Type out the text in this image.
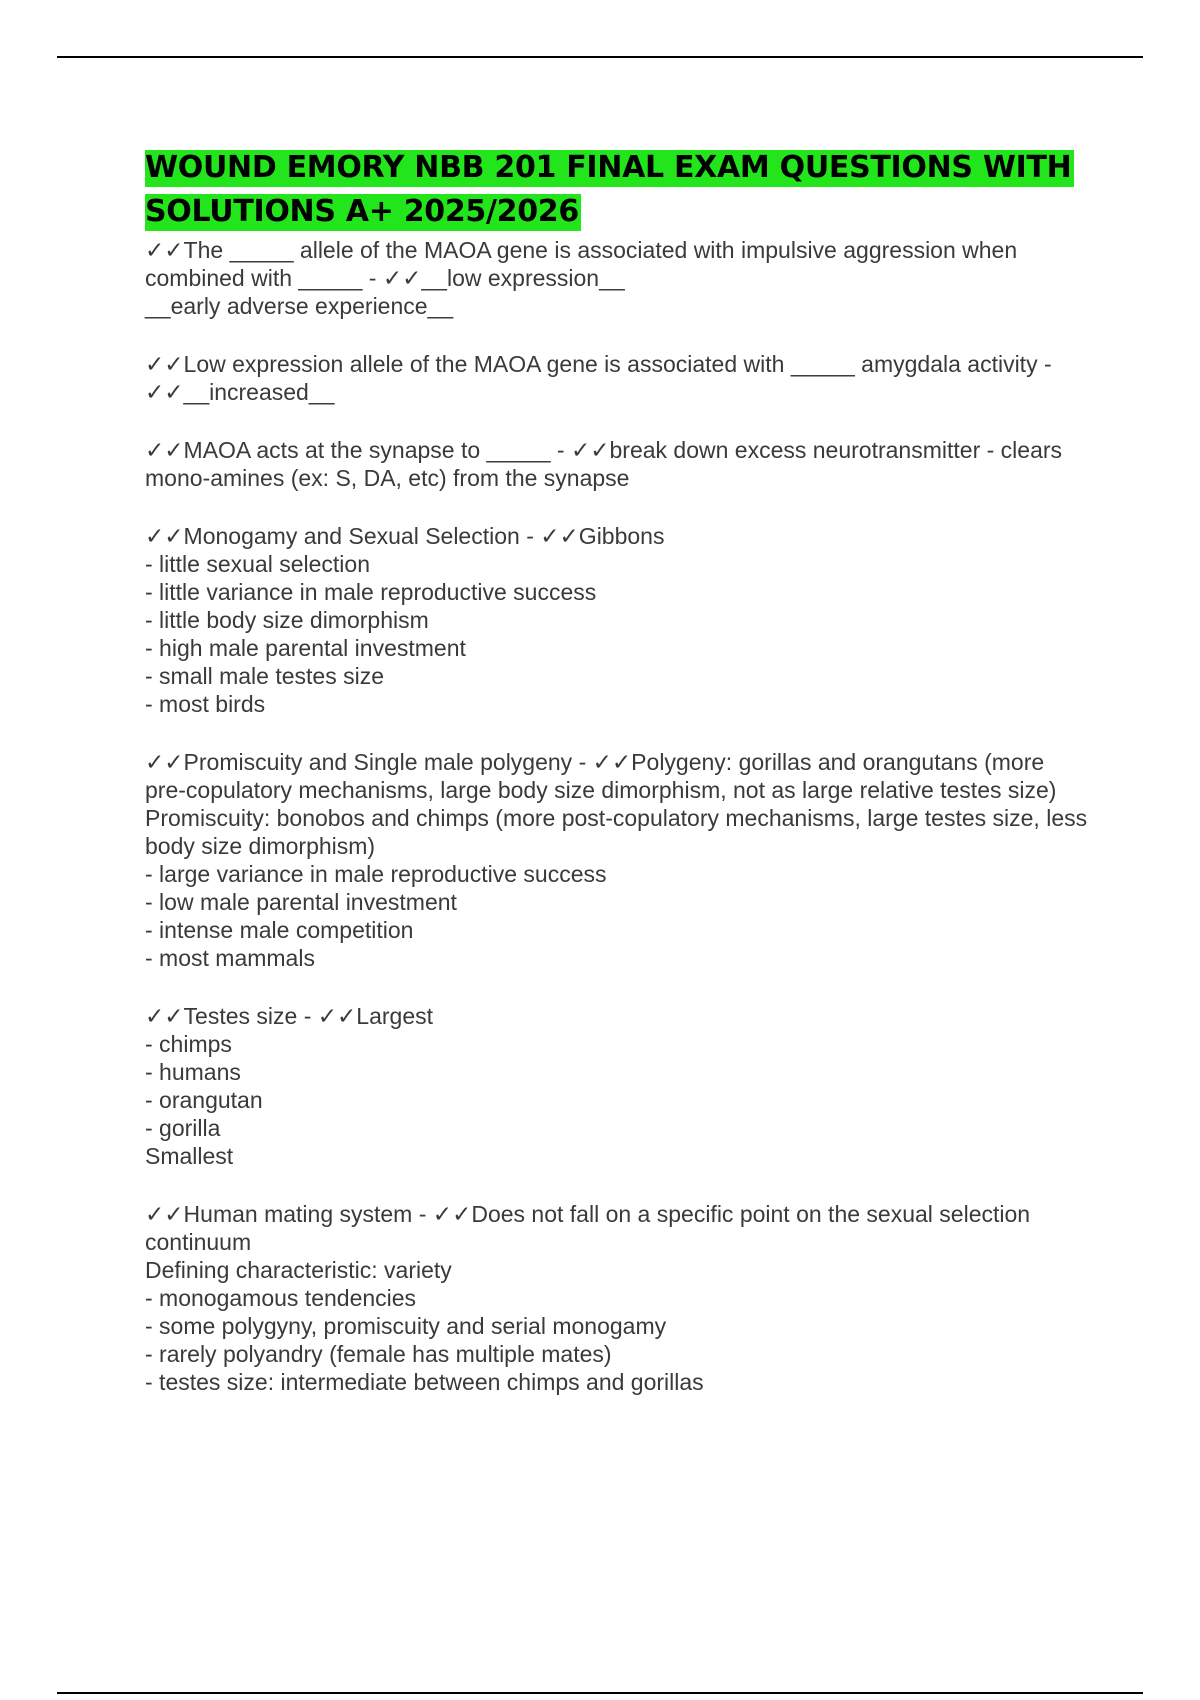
WOUND EMORY NBB 201 FINAL EXAM QUESTIONS WITH
SOLUTIONS A+ 2025/2026

✓✓The _____ allele of the MAOA gene is associated with impulsive aggression when combined with _____ - ✓✓__low expression__

__early adverse experience__

✓✓Low expression allele of the MAOA gene is associated with _____ amygdala activity - ✓✓__increased__

✓✓MAOA acts at the synapse to _____ - ✓✓break down excess neurotransmitter - clears mono-amines (ex: S, DA, etc) from the synapse

✓✓Monogamy and Sexual Selection - ✓✓Gibbons

- little sexual selection

- little variance in male reproductive success

- little body size dimorphism

- high male parental investment

- small male testes size

- most birds

✓✓Promiscuity and Single male polygeny - ✓✓Polygeny: gorillas and orangutans (more pre-copulatory mechanisms, large body size dimorphism, not as large relative testes size)

Promiscuity: bonobos and chimps (more post-copulatory mechanisms, large testes size, less body size dimorphism)

- large variance in male reproductive success

- low male parental investment

- intense male competition

- most mammals

✓✓Testes size - ✓✓Largest

- chimps

- humans

- orangutan

- gorilla

Smallest

✓✓Human mating system - ✓✓Does not fall on a specific point on the sexual selection continuum

Defining characteristic: variety

- monogamous tendencies

- some polygyny, promiscuity and serial monogamy

- rarely polyandry (female has multiple mates)

- testes size: intermediate between chimps and gorillas
